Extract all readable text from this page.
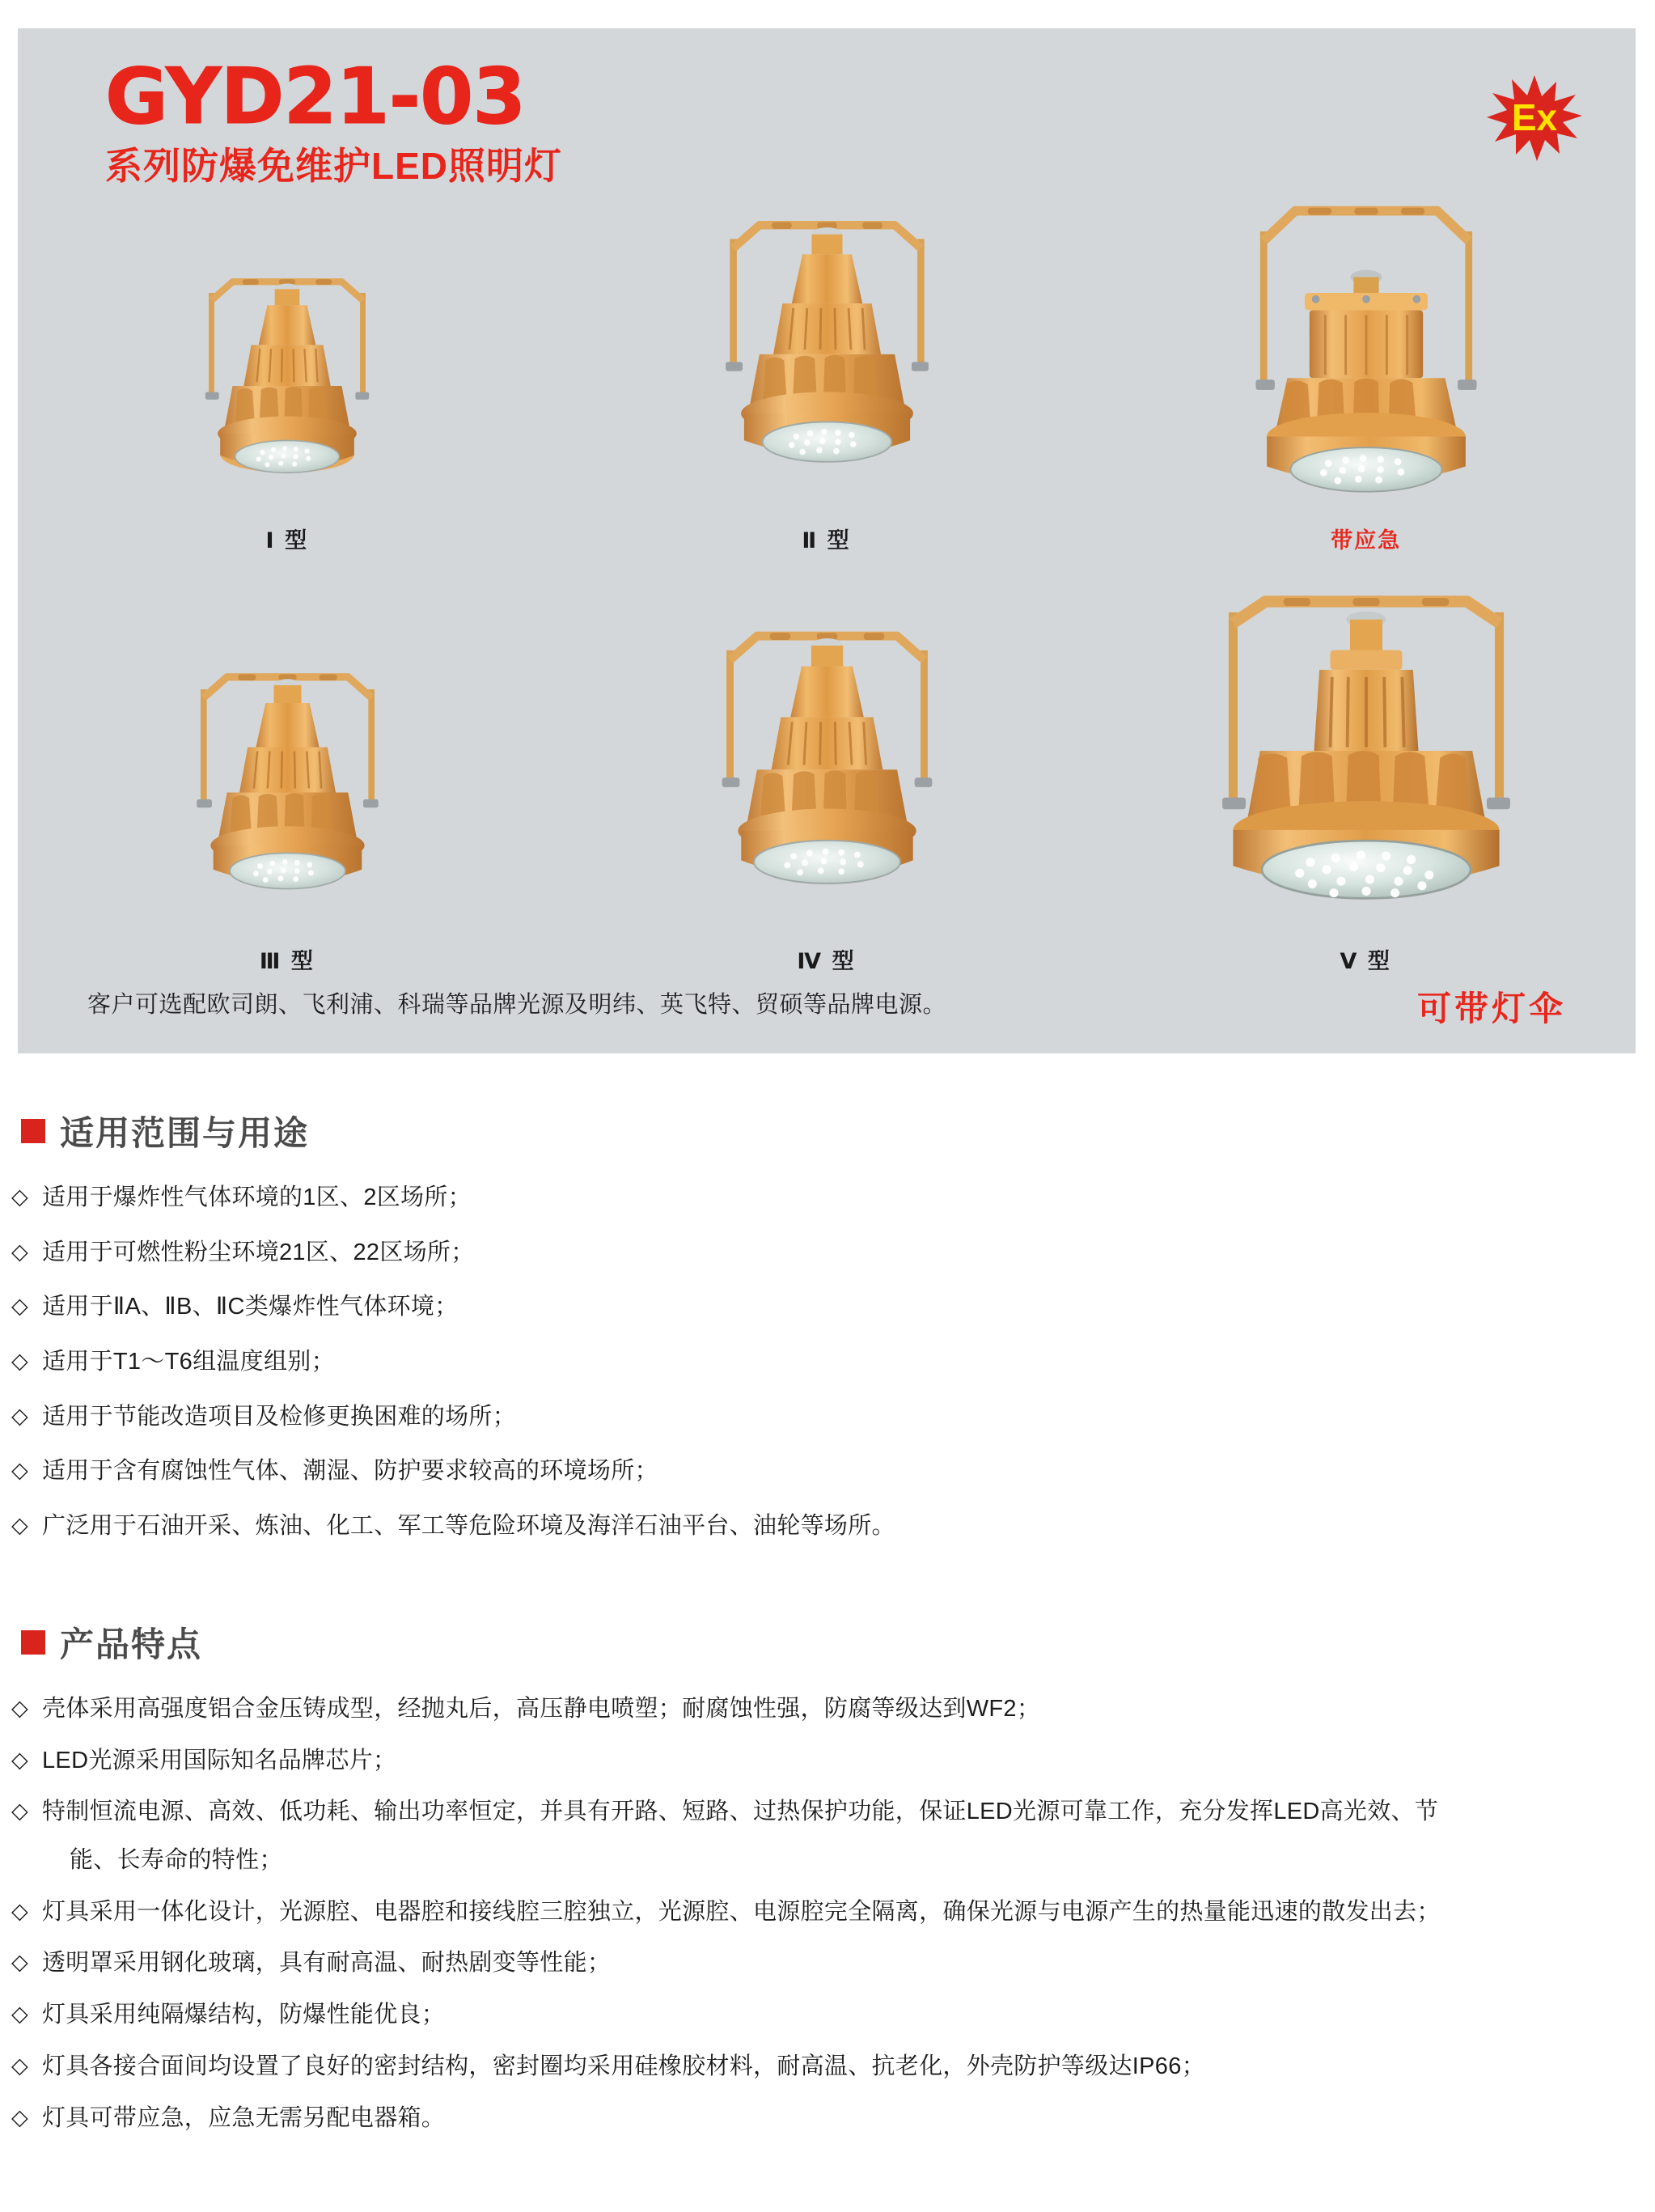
GYD21-03
系列防爆免维护LED照明灯
Ex
Ⅰ 型	Ⅱ 型	带应急
Ⅲ 型	Ⅳ 型	Ⅴ 型
客户可选配欧司朗、飞利浦、科瑞等品牌光源及明纬、英飞特、贸硕等品牌电源。	可带灯伞
适用范围与用途
◇ 适用于爆炸性气体环境的1区、2区场所；
◇ 适用于可燃性粉尘环境21区、22区场所；
◇ 适用于ⅡA、ⅡB、ⅡC类爆炸性气体环境；
◇ 适用于T1～T6组温度组别；
◇ 适用于节能改造项目及检修更换困难的场所；
◇ 适用于含有腐蚀性气体、潮湿、防护要求较高的环境场所；
◇ 广泛用于石油开采、炼油、化工、军工等危险环境及海洋石油平台、油轮等场所。
产品特点
◇ 壳体采用高强度铝合金压铸成型，经抛丸后，高压静电喷塑；耐腐蚀性强，防腐等级达到WF2；
◇ LED光源采用国际知名品牌芯片；
◇ 特制恒流电源、高效、低功耗、输出功率恒定，并具有开路、短路、过热保护功能，保证LED光源可靠工作，充分发挥LED高光效、节
能、长寿命的特性；
◇ 灯具采用一体化设计，光源腔、电器腔和接线腔三腔独立，光源腔、电源腔完全隔离，确保光源与电源产生的热量能迅速的散发出去；
◇ 透明罩采用钢化玻璃，具有耐高温、耐热剧变等性能；
◇ 灯具采用纯隔爆结构，防爆性能优良；
◇ 灯具各接合面间均设置了良好的密封结构，密封圈均采用硅橡胶材料，耐高温、抗老化，外壳防护等级达IP66；
◇ 灯具可带应急，应急无需另配电器箱。
